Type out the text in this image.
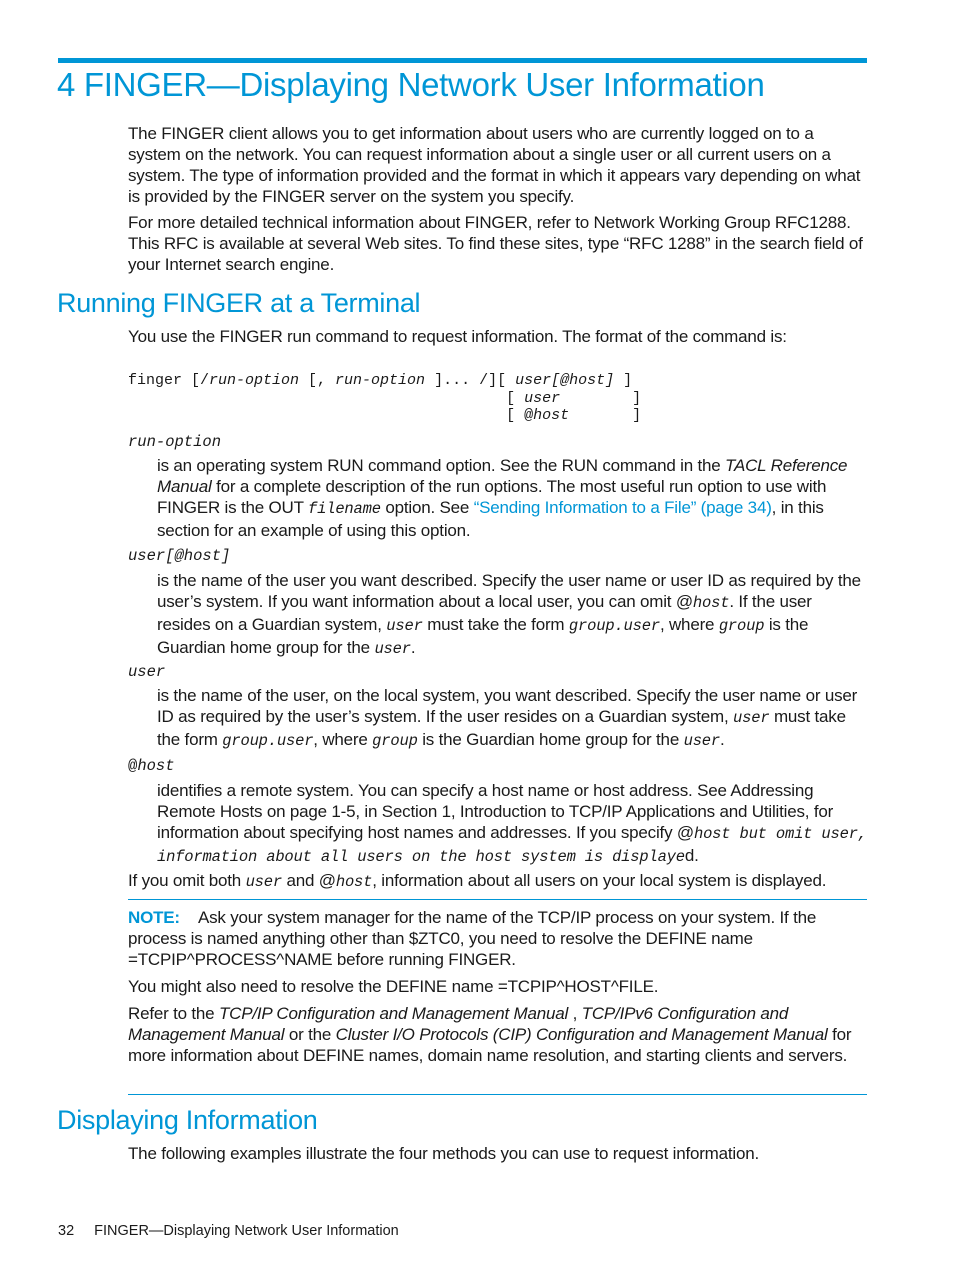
4 FINGER—Displaying Network User Information

The FINGER client allows you to get information about users who are currently logged on to a system on the network. You can request information about a single user or all current users on a system. The type of information provided and the format in which it appears vary depending on what is provided by the FINGER server on the system you specify.

For more detailed technical information about FINGER, refer to Network Working Group RFC1288. This RFC is available at several Web sites. To find these sites, type “RFC 1288” in the search field of your Internet search engine.

Running FINGER at a Terminal

You use the FINGER run command to request information. The format of the command is:

finger [/run-option [, run-option ]... /][ user[@host] ]
[ user        ]
[ @host       ]

run-option

is an operating system RUN command option. See the RUN command in the TACL Reference Manual for a complete description of the run options. The most useful run option to use with FINGER is the OUT filename option. See “Sending Information to a File” (page 34), in this section for an example of using this option.

user[@host]

is the name of the user you want described. Specify the user name or user ID as required by the user’s system. If you want information about a local user, you can omit @host. If the user resides on a Guardian system, user must take the form group.user, where group is the Guardian home group for the user.

user

is the name of the user, on the local system, you want described. Specify the user name or user ID as required by the user’s system. If the user resides on a Guardian system, user must take the form group.user, where group is the Guardian home group for the user.

@host

identifies a remote system. You can specify a host name or host address. See Addressing Remote Hosts on page 1-5, in Section 1, Introduction to TCP/IP Applications and Utilities, for information about specifying host names and addresses. If you specify @host but omit user, information about all users on the host system is displayed.

If you omit both user and @host, information about all users on your local system is displayed.

NOTE: Ask your system manager for the name of the TCP/IP process on your system. If the process is named anything other than $ZTC0, you need to resolve the DEFINE name =TCPIP^PROCESS^NAME before running FINGER.

You might also need to resolve the DEFINE name =TCPIP^HOST^FILE.

Refer to the TCP/IP Configuration and Management Manual , TCP/IPv6 Configuration and Management Manual or the Cluster I/O Protocols (CIP) Configuration and Management Manual for more information about DEFINE names, domain name resolution, and starting clients and servers.

Displaying Information

The following examples illustrate the four methods you can use to request information.

32 FINGER—Displaying Network User Information
